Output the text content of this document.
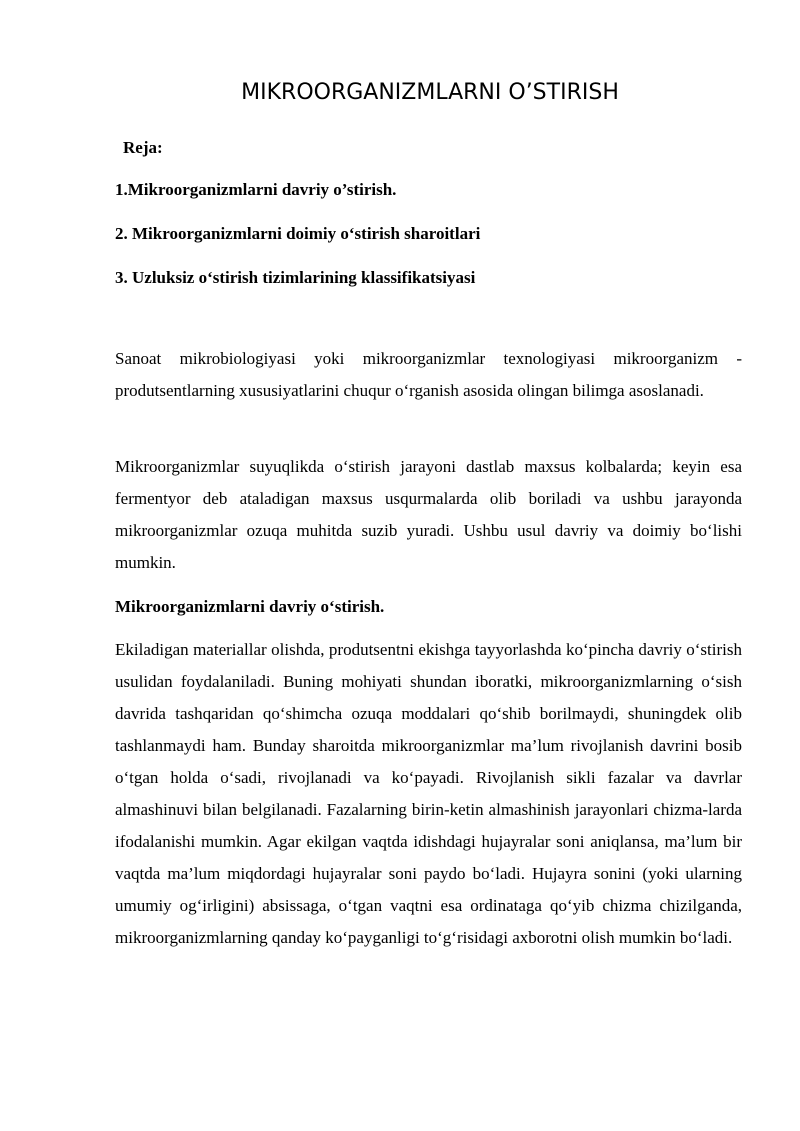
MIKROORGANIZMLARNI O’STIRISH
Reja:
1.Mikroorganizmlarni davriy o’stirish.
2. Mikroorganizmlarni doimiy o‘stirish sharoitlari
3. Uzluksiz o‘stirish tizimlarining klassifikatsiyasi

Sanoat mikrobiologiyasi yoki mikroorganizmlar texnologiyasi mikroorganizm - produtsentlarning xususiyatlarini chuqur o‘rganish asosida olingan bilimga asoslanadi.

Mikroorganizmlar suyuqlikda o‘stirish jarayoni dastlab maxsus kolbalarda; keyin esa fermentyor deb ataladigan maxsus usqurmalarda olib boriladi va ushbu jarayonda mikroorganizmlar ozuqa muhitda suzib yuradi. Ushbu usul davriy va doimiy bo‘lishi mumkin.

Mikroorganizmlarni davriy o‘stirish.

Ekiladigan materiallar olishda, produtsentni ekishga tayyorlashda ko‘pincha davriy o‘stirish usulidan foydalaniladi. Buning mohiyati shundan iboratki, mikroorganizmlarning o‘sish davrida tashqaridan qo‘shimcha ozuqa moddalari qo‘shib borilmaydi, shuningdek olib tashlanmaydi ham. Bunday sharoitda mikroorganizmlar ma’lum rivojlanish davrini bosib o‘tgan holda o‘sadi, rivojlanadi va ko‘payadi. Rivojlanish sikli fazalar va davrlar almashinuvi bilan belgilanadi. Fazalarning birin-ketin almashinish jarayonlari chizma-larda ifodalanishi mumkin. Agar ekilgan vaqtda idishdagi hujayralar soni aniqlansa, ma’lum bir vaqtda ma’lum miqdordagi hujayralar soni paydo bo‘ladi. Hujayra sonini (yoki ularning umumiy og‘irligini) absissaga, o‘tgan vaqtni esa ordinataga qo‘yib chizma chizilganda, mikroorganizmlarning qanday ko‘payganligi to‘g‘risidagi axborotni olish mumkin bo‘ladi.
